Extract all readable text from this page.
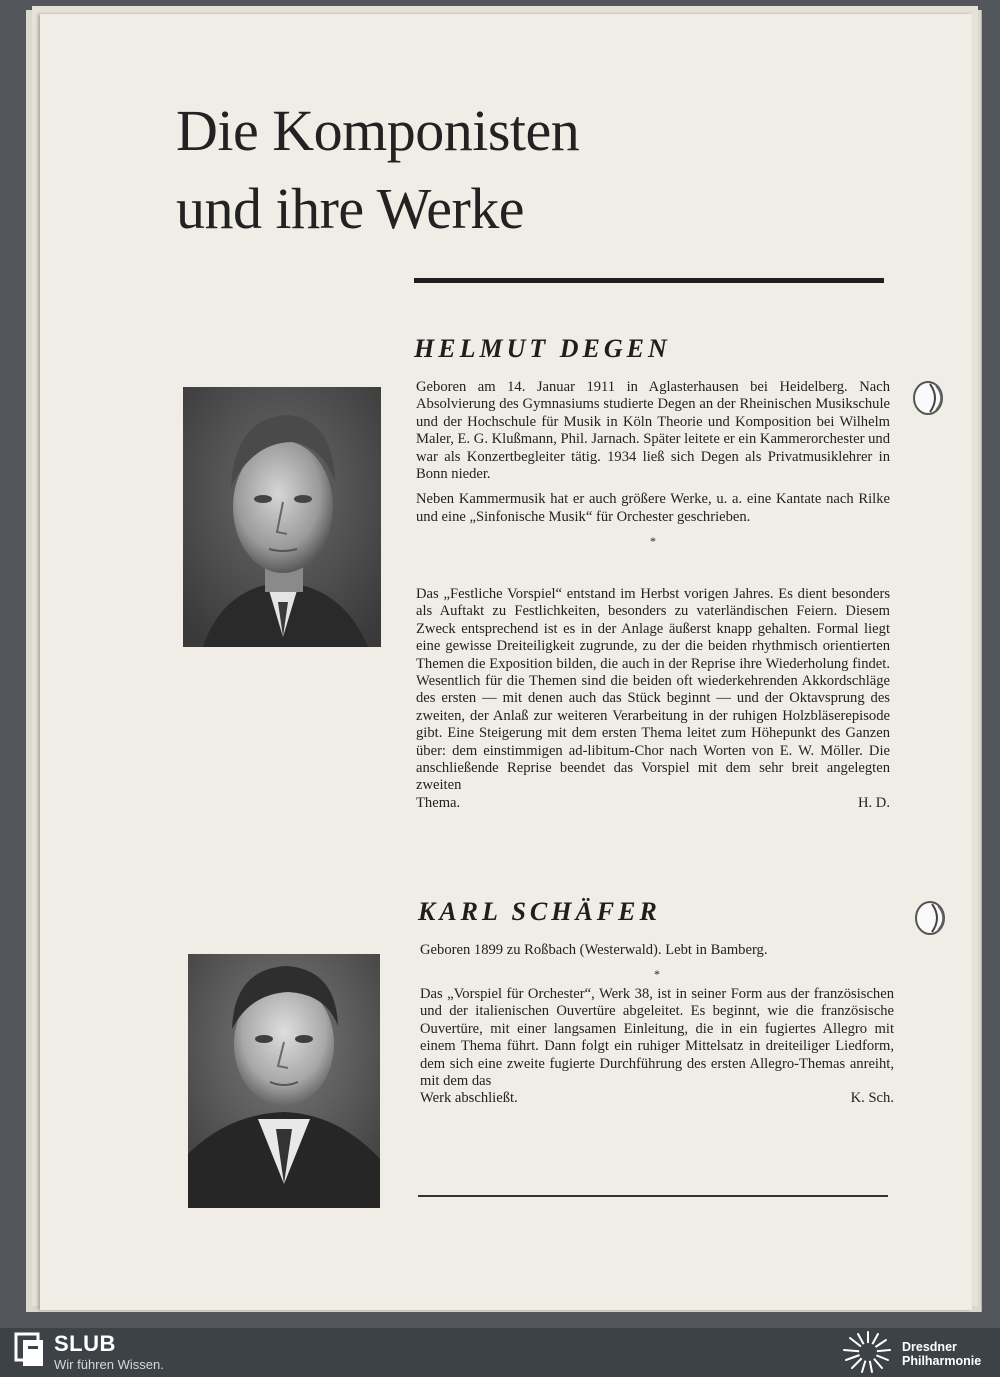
Die Komponisten
und ihre Werke
HELMUT DEGEN

Geboren am 14. Januar 1911 in Aglasterhausen bei Heidelberg. Nach Absolvierung des Gymnasiums studierte Degen an der Rheinischen Musikschule und der Hochschule für Musik in Köln Theorie und Komposition bei Wilhelm Maler, E. G. Klußmann, Phil. Jarnach. Später leitete er ein Kammerorchester und war als Konzertbegleiter tätig. 1934 ließ sich Degen als Privatmusiklehrer in Bonn nieder.

Neben Kammermusik hat er auch größere Werke, u. a. eine Kantate nach Rilke und eine „Sinfonische Musik“ für Orchester geschrieben.

*

Das „Festliche Vorspiel“ entstand im Herbst vorigen Jahres. Es dient besonders als Auftakt zu Festlichkeiten, besonders zu vaterländischen Feiern. Diesem Zweck entsprechend ist es in der Anlage äußerst knapp gehalten. Formal liegt eine gewisse Dreiteiligkeit zugrunde, zu der die beiden rhythmisch orientierten Themen die Exposition bilden, die auch in der Reprise ihre Wiederholung findet. Wesentlich für die Themen sind die beiden oft wiederkehrenden Akkordschläge des ersten — mit denen auch das Stück beginnt — und der Oktavsprung des zweiten, der Anlaß zur weiteren Verarbeitung in der ruhigen Holzbläserepisode gibt. Eine Steigerung mit dem ersten Thema leitet zum Höhepunkt des Ganzen über: dem einstimmigen ad-libitum-Chor nach Worten von E. W. Möller. Die anschließende Reprise beendet das Vorspiel mit dem sehr breit angelegten zweiten

Thema.	H. D.
KARL SCHÄFER

Geboren 1899 zu Roßbach (Westerwald). Lebt in Bamberg.

*

Das „Vorspiel für Orchester“, Werk 38, ist in seiner Form aus der französischen und der italienischen Ouvertüre abgeleitet. Es beginnt, wie die französische Ouvertüre, mit einer langsamen Einleitung, die in ein fugiertes Allegro mit einem Thema führt. Dann folgt ein ruhiger Mittelsatz in dreiteiliger Liedform, dem sich eine zweite fugierte Durchführung des ersten Allegro-Themas anreiht, mit dem das

Werk abschließt.	K. Sch.
SLUB
Wir führen Wissen.
Dresdner
Philharmonie
